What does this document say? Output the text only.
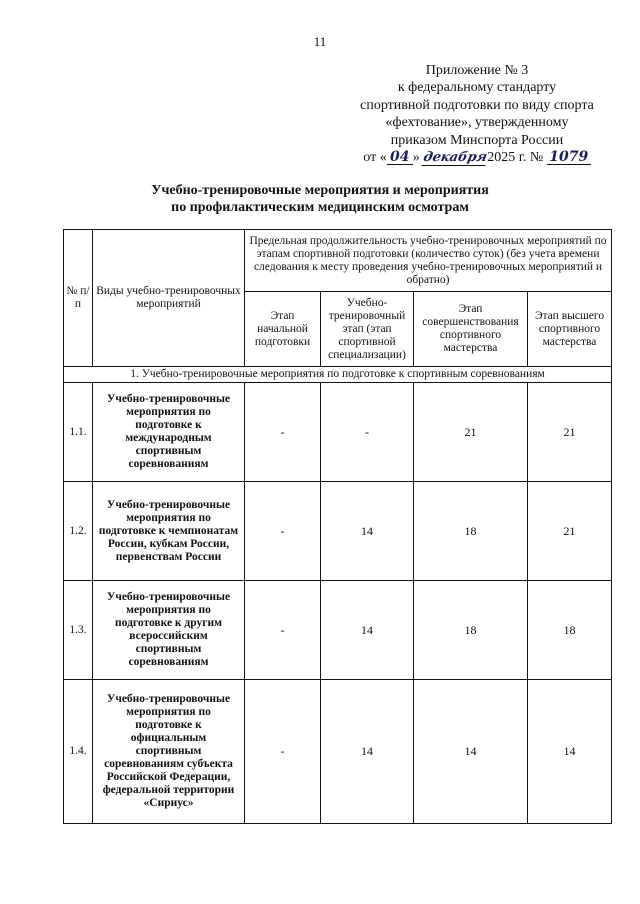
11
Приложение № 3
к федеральному стандарту
спортивной подготовки по виду спорта
«фехтование», утвержденному
приказом Минспорта России
от « 04 » декабря2025 г. № 1079
Учебно-тренировочные мероприятия и мероприятия
по профилактическим медицинским осмотрам
№ п/п	Виды учебно-тренировочных мероприятий	Предельная продолжительность учебно-тренировочных мероприятий по этапам спортивной подготовки (количество суток) (без учета времени следования к месту проведения учебно-тренировочных мероприятий и обратно)			
		Этап начальной подготовки	Учебно-тренировочный этап (этап спортивной специализации)	Этап совершенствования спортивного мастерства	Этап высшего спортивного мастерства
1. Учебно-тренировочные мероприятия по подготовке к спортивным соревнованиям					
1.1.	Учебно-тренировочные мероприятия по подготовке к международным спортивным соревнованиям	-	-	21	21
1.2.	Учебно-тренировочные мероприятия по подготовке к чемпионатам России, кубкам России, первенствам России	-	14	18	21
1.3.	Учебно-тренировочные мероприятия по подготовке к другим всероссийским спортивным соревнованиям	-	14	18	18
1.4.	Учебно-тренировочные мероприятия по подготовке к официальным спортивным соревнованиям субъекта Российской Федерации, федеральной территории «Сириус»	-	14	14	14
